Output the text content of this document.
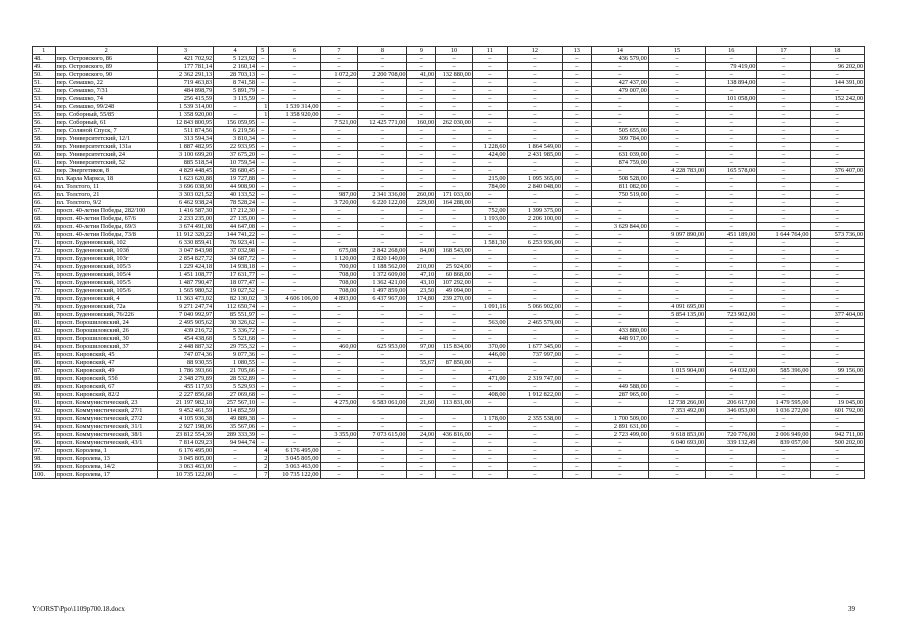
1	2	3	4	5	6	7	8	9	10	11	12	13	14	15	16	17	18
48.	пер. Островского, 86	421 702,92	5 123,92	–	–	–	–	–	–	–	–	–	436 579,00	–	–	–	–
49.	пер. Островского, 89	177 781,14	2 160,14	–	–	–	–	–	–	–	–	–	–	–	79 419,00	–	96 202,00
50.	пер. Островского, 90	2 362 291,13	28 703,13	–	–	1 072,20	2 200 708,00	41,00	132 880,00	–	–	–	–	–	–	–	–
51.	пер. Семашко, 22	719 463,83	8 741,58	–	–	–	–	–	–	–	–	–	427 437,00	–	138 894,00	–	144 391,00
52.	пер. Семашко, 7/31	484 898,79	5 891,79	–	–	–	–	–	–	–	–	–	479 007,00	–	–	–	–
53.	пер. Семашко, 74	256 415,59	3 115,59	–	–	–	–	–	–	–	–	–	–	–	101 058,00	–	152 242,00
54.	пер. Семашко, 99/248	1 539 314,00	–	1	1 539 314,00	–	–	–	–	–	–	–	–	–	–	–	–
55.	пер. Соборный, 55/85	1 358 920,00	–	1	1 358 920,00	–	–	–	–	–	–	–	–	–	–	–	–
56.	пер. Соборный, 61	12 843 800,95	156 059,95	–	–	7 521,00	12 425 771,00	160,00	262 030,00	–	–	–	–	–	–	–	–
57.	пер. Соляной Спуск, 7	511 874,56	6 219,56	–	–	–	–	–	–	–	–	–	505 655,00	–	–	–	–
58.	пер. Университетский, 12/1	313 594,34	3 810,34	–	–	–	–	–	–	–	–	–	309 784,00	–	–	–	–
59.	пер. Университетский, 131а	1 887 482,95	22 933,95	–	–	–	–	–	–	1 228,60	1 864 549,00	–	–	–	–	–	–
60.	пер. Университетский, 24	3 100 699,20	37 675,20	–	–	–	–	–	–	424,00	2 431 985,00	–	631 039,00	–	–	–	–
61.	пер. Университетский, 52	885 518,54	10 759,54	–	–	–	–	–	–	–	–	–	874 759,00	–	–	–	–
62.	пер. Энергетиков, 8	4 829 448,45	58 680,45	–	–	–	–	–	–	–	–	–	–	4 228 783,00	165 578,00	–	376 407,00
63.	пл. Карла Маркса, 18	1 623 620,88	19 727,88	–	–	–	–	–	–	215,00	1 095 365,00	–	508 528,00	–	–	–	–
64.	пл. Толстого, 11	3 696 038,90	44 908,90	–	–	–	–	–	–	784,00	2 840 048,00	–	811 082,00	–	–	–	–
65.	пл. Толстого, 21	3 303 021,52	40 133,52	–	–	987,00	2 341 336,00	260,00	171 033,00	–	–	–	750 519,00	–	–	–	–
66.	пл. Толстого, 9/2	6 462 938,24	78 528,24	–	–	3 720,00	6 220 122,00	229,00	164 288,00	–	–	–	–	–	–	–	–
67.	просп. 40-летия Победы, 282/100	1 416 587,30	17 212,30	–	–	–	–	–	–	752,00	1 399 375,00	–	–	–	–	–	–
68.	просп. 40-летия Победы, 67/6	2 233 235,00	27 135,00	–	–	–	–	–	–	1 193,00	2 206 100,00	–	–	–	–	–	–
69.	просп. 40-летия Победы, 69/3	3 674 491,08	44 647,08	–	–	–	–	–	–	–	–	–	3 629 844,00	–	–	–	–
70.	просп. 40-летия Победы, 73/8	11 912 320,22	144 741,22	–	–	–	–	–	–	–	–	–	–	9 097 890,00	451 189,00	1 644 764,00	573 736,00
71.	просп. Буденновский, 102	6 330 859,41	76 923,41	–	–	–	–	–	–	1 581,30	6 253 936,00	–	–	–	–	–	–
72.	просп. Буденновский, 103б	3 047 843,98	37 032,98	–	–	675,08	2 842 268,00	84,00	168 543,00	–	–	–	–	–	–	–	–
73.	просп. Буденновский, 103г	2 854 827,72	34 687,72	–	–	1 120,00	2 820 140,00	–	–	–	–	–	–	–	–	–	–
74.	просп. Буденновский, 105/3	1 229 424,18	14 938,18	–	–	700,00	1 188 562,00	210,00	25 924,00	–	–	–	–	–	–	–	–
75.	просп. Буденновский, 105/4	1 451 108,77	17 631,77	–	–	708,00	1 372 609,00	47,10	60 868,00	–	–	–	–	–	–	–	–
76.	просп. Буденновский, 105/5	1 487 790,47	18 077,47	–	–	708,00	1 362 421,00	43,10	107 292,00	–	–	–	–	–	–	–	–
77.	просп. Буденновский, 105/6	1 565 980,52	19 027,52	–	–	708,00	1 497 859,00	23,50	49 094,00	–	–	–	–	–	–	–	–
78.	просп. Буденновский, 4	11 363 473,02	82 130,02	3	4 606 106,00	4 893,00	6 437 967,00	174,80	239 270,00	–	–	–	–	–	–	–	–
79.	просп. Буденновский, 72а	9 271 247,74	112 650,74	–	–	–	–	–	–	1 091,16	5 066 902,00	–	–	4 091 695,00	–	–	–
80.	просп. Буденновский, 76/226	7 040 992,97	85 551,97	–	–	–	–	–	–	–	–	–	–	5 854 135,00	723 902,00	–	377 404,00
81.	просп. Ворошиловский, 24	2 495 905,62	30 326,62	–	–	–	–	–	–	563,00	2 465 579,00	–	–	–	–	–	–
82.	просп. Ворошиловский, 26	439 216,72	5 336,72	–	–	–	–	–	–	–	–	–	433 880,00	–	–	–	–
83.	просп. Ворошиловский, 30	454 438,68	5 521,68	–	–	–	–	–	–	–	–	–	448 917,00	–	–	–	–
84.	просп. Ворошиловский, 37	2 448 887,32	29 755,32	–	–	460,00	625 953,00	97,00	115 834,00	370,00	1 677 345,00	–	–	–	–	–	–
85.	просп. Кировский, 45	747 074,36	9 077,36	–	–	–	–	–	–	446,00	737 997,00	–	–	–	–	–	–
86.	просп. Кировский, 47	88 930,55	1 080,55	–	–	–	–	55,67	87 850,00	–	–	–	–	–	–	–	–
87.	просп. Кировский, 49	1 786 393,66	21 705,66	–	–	–	–	–	–	–	–	–	–	1 015 904,00	64 032,00	585 396,00	99 156,00
88.	просп. Кировский, 55б	2 348 279,89	28 532,89	–	–	–	–	–	–	471,00	2 319 747,00	–	–	–	–	–	–
89.	просп. Кировский, 67	455 117,93	5 529,93	–	–	–	–	–	–	–	–	–	449 588,00	–	–	–	–
90.	просп. Кировский, 82/2	2 227 856,68	27 069,68	–	–	–	–	–	–	408,00	1 912 822,00	–	287 965,00	–	–	–	–
91.	просп. Коммунистический, 23	21 197 982,10	257 567,10	–	–	4 275,00	6 583 061,00	21,60	113 831,00	–	–	–	–	12 738 266,00	206 617,00	1 479 595,00	19 045,00
92.	просп. Коммунистический, 27/1	9 452 461,59	114 852,59											7 353 492,00	346 053,00	1 036 272,00	601 792,00
93.	просп. Коммунистический, 27/2	4 105 936,38	49 889,38	–	–	–	–	–	–	1 178,00	2 355 538,00	–	1 700 509,00	–	–	–	–
94.	просп. Коммунистический, 31/1	2 927 198,06	35 567,06	–	–	–	–	–	–	–	–	–	2 891 631,00	–	–	–	–
95.	просп. Коммунистический, 38/1	23 812 554,39	289 333,39	–	–	3 355,00	7 073 615,00	24,00	436 816,00	–	–	–	2 723 499,00	9 618 853,00	720 776,00	2 006 949,00	942 711,00
96.	просп. Коммунистический, 43/1	7 814 029,23	94 944,74	–	–	–	–	–	–	–	–	–	–	6 040 693,00	339 132,49	839 057,00	500 202,00
97.	просп. Королева, 1	6 176 495,00	–	4	6 176 495,00	–	–	–	–	–	–	–	–	–	–	–	–
98.	просп. Королева, 13	3 045 805,00	–	2	3 045 805,00	–	–	–	–	–	–	–	–	–	–	–	–
99.	просп. Королева, 14/2	3 063 463,00	–	2	3 063 463,00	–	–	–	–	–	–	–	–	–	–	–	–
100.	просп. Королева, 17	10 735 122,00	–	7	10 735 122,00	–	–	–	–	–	–	–	–	–	–	–	–
Y:\ORST\Ppo\1109p700.18.docx	39
